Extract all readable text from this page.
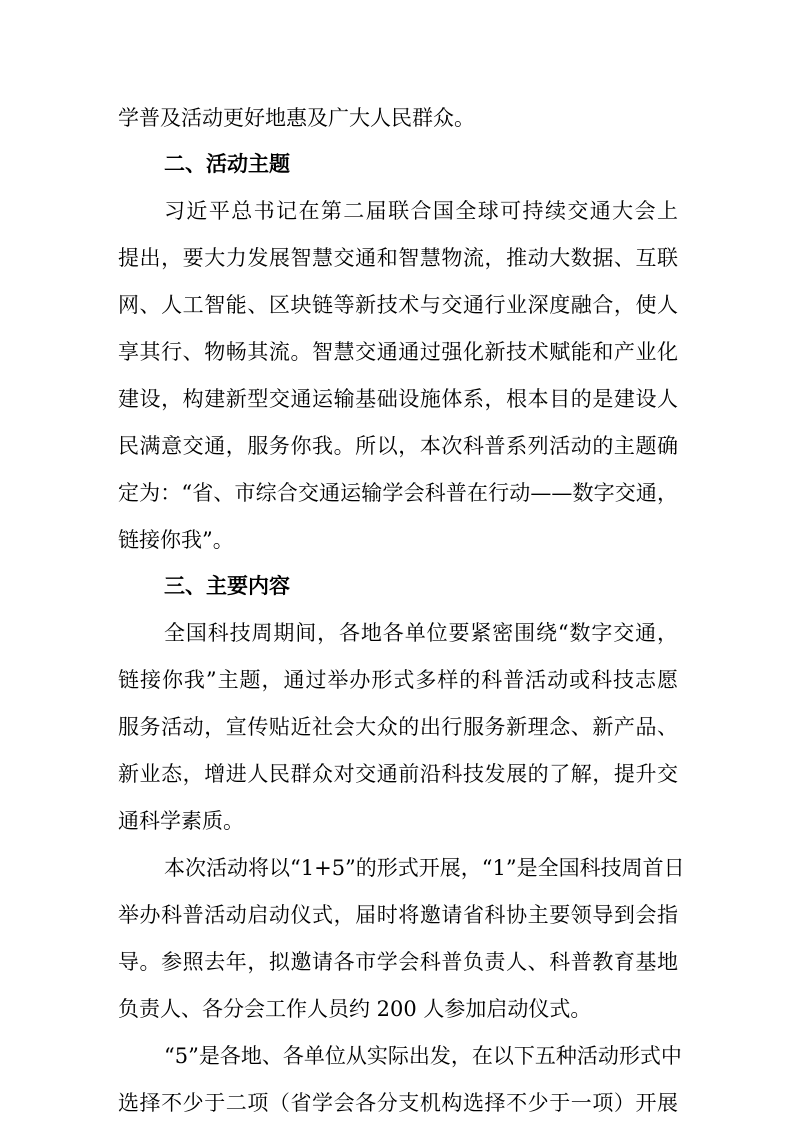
学普及活动更好地惠及广大人民群众。
二、活动主题
习近平总书记在第二届联合国全球可持续交通大会上
提出，要大力发展智慧交通和智慧物流，推动大数据、互联
网、人工智能、区块链等新技术与交通行业深度融合，使人
享其行、物畅其流。智慧交通通过强化新技术赋能和产业化
建设，构建新型交通运输基础设施体系，根本目的是建设人
民满意交通，服务你我。所以，本次科普系列活动的主题确
定为：“省、市综合交通运输学会科普在行动——数字交通，
链接你我”。
三、主要内容
全国科技周期间，各地各单位要紧密围绕“数字交通，
链接你我”主题，通过举办形式多样的科普活动或科技志愿
服务活动，宣传贴近社会大众的出行服务新理念、新产品、
新业态，增进人民群众对交通前沿科技发展的了解，提升交
通科学素质。
本次活动将以“1+5”的形式开展，“1”是全国科技周首日
举办科普活动启动仪式，届时将邀请省科协主要领导到会指
导。参照去年，拟邀请各市学会科普负责人、科普教育基地
负责人、各分会工作人员约 200 人参加启动仪式。
“5”是各地、各单位从实际出发，在以下五种活动形式中
选择不少于二项（省学会各分支机构选择不少于一项）开展
